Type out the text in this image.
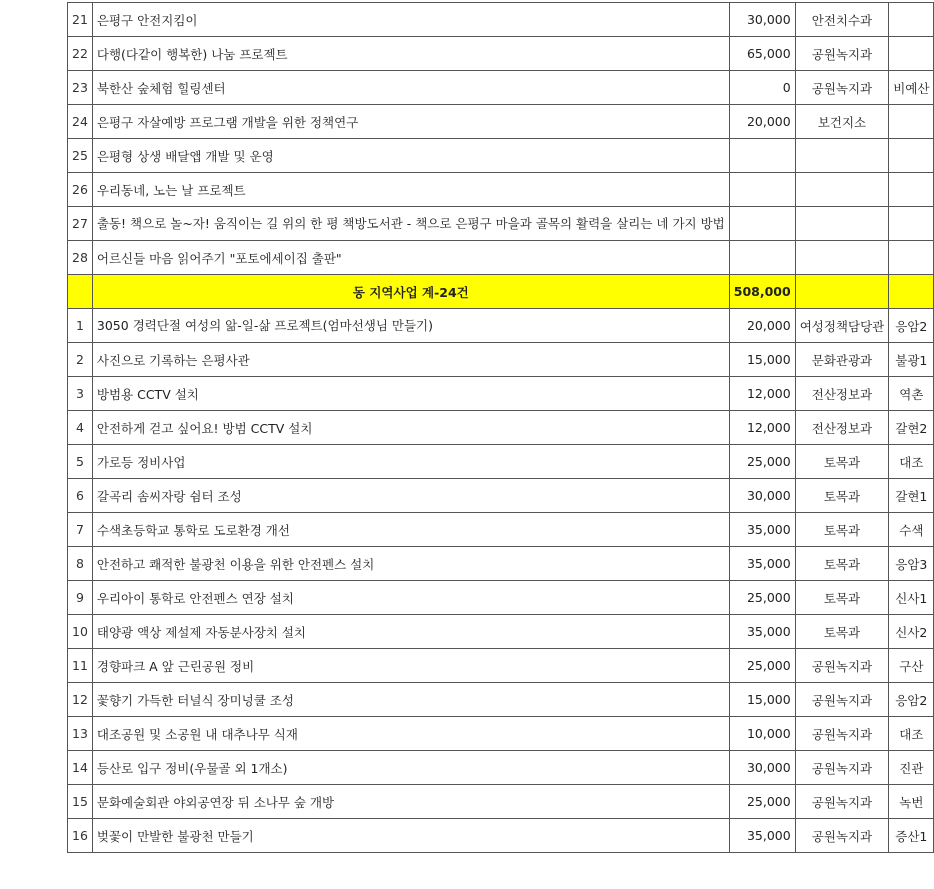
21	은평구 안전지킴이	30,000	안전치수과	
22	다행(다같이 행복한) 나눔 프로젝트	65,000	공원녹지과	
23	북한산 숲체험 힐링센터	0	공원녹지과	비예산
24	은평구 자살예방 프로그램 개발을 위한 정책연구	20,000	보건지소	
25	은평형 상생 배달앱 개발 및 운영			
26	우리동네, 노는 날 프로젝트			
27	출동! 책으로 놀~자! 움직이는 길 위의 한 평 책방도서관 - 책으로 은평구 마을과 골목의 활력을 살리는 네 가지 방법			
28	어르신들 마음 읽어주기 "포토에세이집 출판"			
	동 지역사업 계-24건	508,000		
1	3050 경력단절 여성의 앎-일-삶 프로젝트(엄마선생님 만들기)	20,000	여성정책담당관	응암2
2	사진으로 기록하는 은평사관	15,000	문화관광과	불광1
3	방범용 CCTV 설치	12,000	전산정보과	역촌
4	안전하게 걷고 싶어요! 방범 CCTV 설치	12,000	전산정보과	갈현2
5	가로등 정비사업	25,000	토목과	대조
6	갈곡리 솜씨자랑 쉼터 조성	30,000	토목과	갈현1
7	수색초등학교 통학로 도로환경 개선	35,000	토목과	수색
8	안전하고 쾌적한 불광천 이용을 위한 안전펜스 설치	35,000	토목과	응암3
9	우리아이 통학로 안전펜스 연장 설치	25,000	토목과	신사1
10	태양광 액상 제설제 자동분사장치 설치	35,000	토목과	신사2
11	경향파크 A 앞 근린공원 정비	25,000	공원녹지과	구산
12	꽃향기 가득한 터널식 장미넝쿨 조성	15,000	공원녹지과	응암2
13	대조공원 및 소공원 내 대추나무 식재	10,000	공원녹지과	대조
14	등산로 입구 정비(우물골 외 1개소)	30,000	공원녹지과	진관
15	문화예술회관 야외공연장 뒤 소나무 숲 개방	25,000	공원녹지과	녹번
16	벚꽃이 만발한 불광천 만들기	35,000	공원녹지과	증산1
